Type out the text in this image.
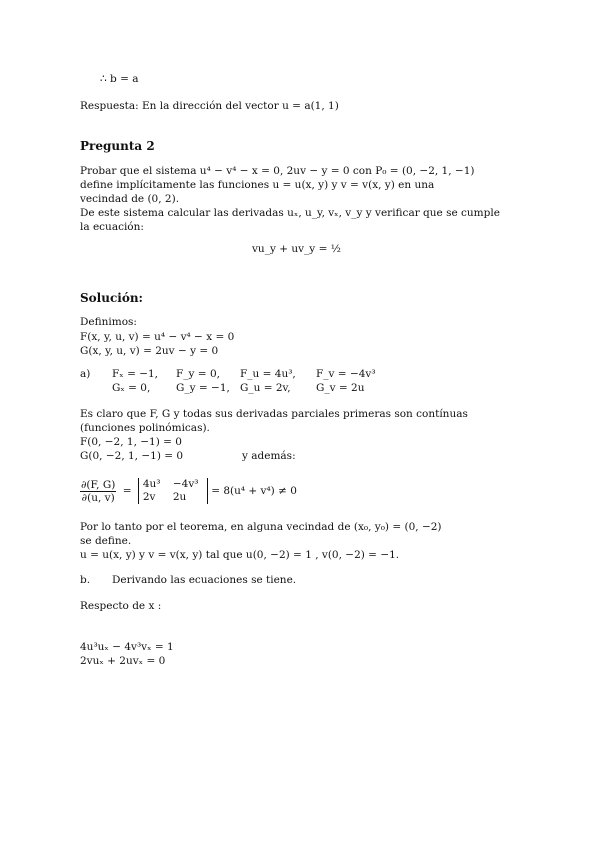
∴ b = a
Respuesta: En la dirección del vector u = a(1, 1)
Pregunta 2
Probar que el sistema u⁴ − v⁴ − x = 0, 2uv − y = 0 con P₀ = (0, −2, 1, −1)
define implícitamente las funciones u = u(x, y) y v = v(x, y) en una
vecindad de (0, 2).
De este sistema calcular las derivadas uₓ, u_y, vₓ, v_y y verificar que se cumple
la ecuación:
vu_y + uv_y = ½
Solución:
Definimos:
F(x, y, u, v) = u⁴ − v⁴ − x = 0
G(x, y, u, v) = 2uv − y = 0
a) Fₓ = −1, F_y = 0, F_u = 4u³, F_v = −4v³
Gₓ = 0, G_y = −1, G_u = 2v, G_v = 2u
Es claro que F, G y todas sus derivadas parciales primeras son contínuas
(funciones polinómicas).
F(0, −2, 1, −1) = 0
G(0, −2, 1, −1) = 0	y además:
$\frac{\partial(F, G)}{\partial(u, v)}$ =
4u³ −4v³
2v 2u	= 8(u⁴ + v⁴) ≠ 0
Por lo tanto por el teorema, en alguna vecindad de (x₀, y₀) = (0, −2)
se define.
u = u(x, y) y v = v(x, y) tal que u(0, −2) = 1 , v(0, −2) = −1.
b. Derivando las ecuaciones se tiene.
Respecto de x :
4u³uₓ − 4v³vₓ = 1
2vuₓ + 2uvₓ = 0
